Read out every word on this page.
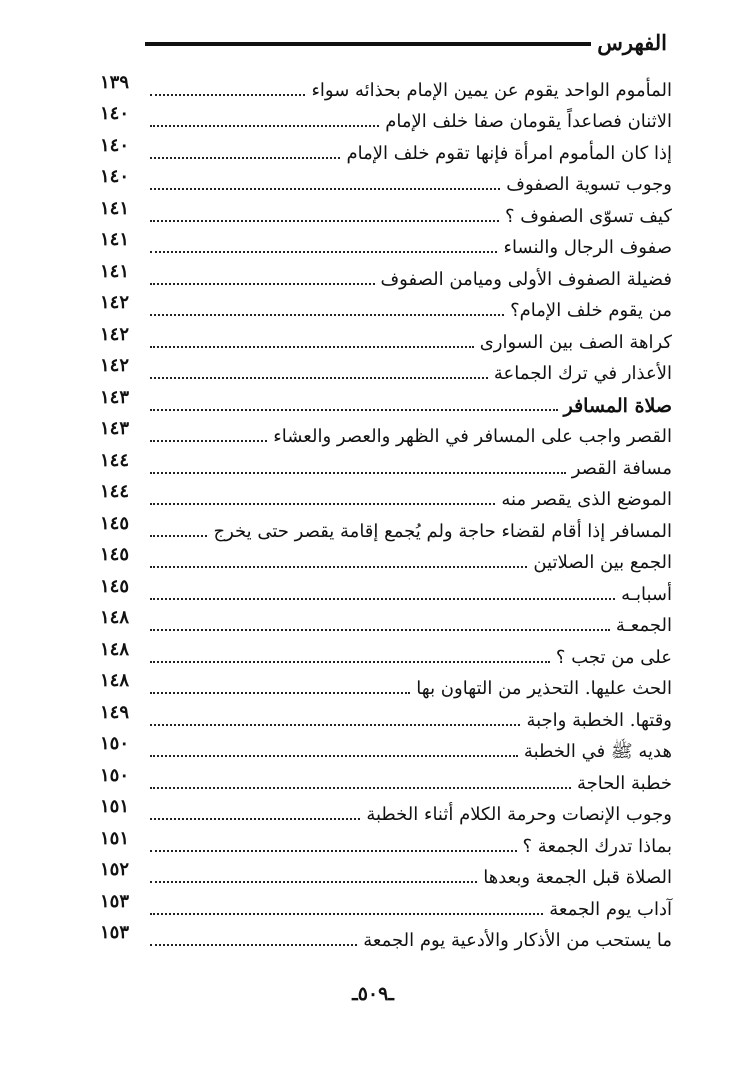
الفهرس
المأموم الواحد يقوم عن يمين الإمام بحذائه سواء
١٣٩
الاثنان فصاعداً يقومان صفا خلف الإمام
١٤٠
إذا كان المأموم امرأة فإنها تقوم خلف الإمام
١٤٠
وجوب تسوية الصفوف
١٤٠
كيف تسوّى الصفوف ؟
١٤١
صفوف الرجال والنساء
١٤١
فضيلة الصفوف الأولى وميامن الصفوف
١٤١
من يقوم خلف الإمام؟
١٤٢
كراهة الصف بين السوارى
١٤٢
الأعذار في ترك الجماعة
١٤٢
صلاة المسافر
١٤٣
القصر واجب على المسافر في الظهر والعصر والعشاء
١٤٣
مسافة القصر
١٤٤
الموضع الذى يقصر منه
١٤٤
المسافر إذا أقام لقضاء حاجة ولم يُجمع إقامة يقصر حتى يخرج
١٤٥
الجمع بين الصلاتين
١٤٥
أسبابـه
١٤٥
الجمعـة
١٤٨
على من تجب ؟
١٤٨
الحث عليها. التحذير من التهاون بها
١٤٨
وقتها. الخطبة واجبة
١٤٩
هديه ﷺ في الخطبة
١٥٠
خطبة الحاجة
١٥٠
وجوب الإنصات وحرمة الكلام أثناء الخطبة
١٥١
بماذا تدرك الجمعة ؟
١٥١
الصلاة قبل الجمعة وبعدها
١٥٢
آداب يوم الجمعة
١٥٣
ما يستحب من الأذكار والأدعية يوم الجمعة
١٥٣
ـ٥٠٩ـ
